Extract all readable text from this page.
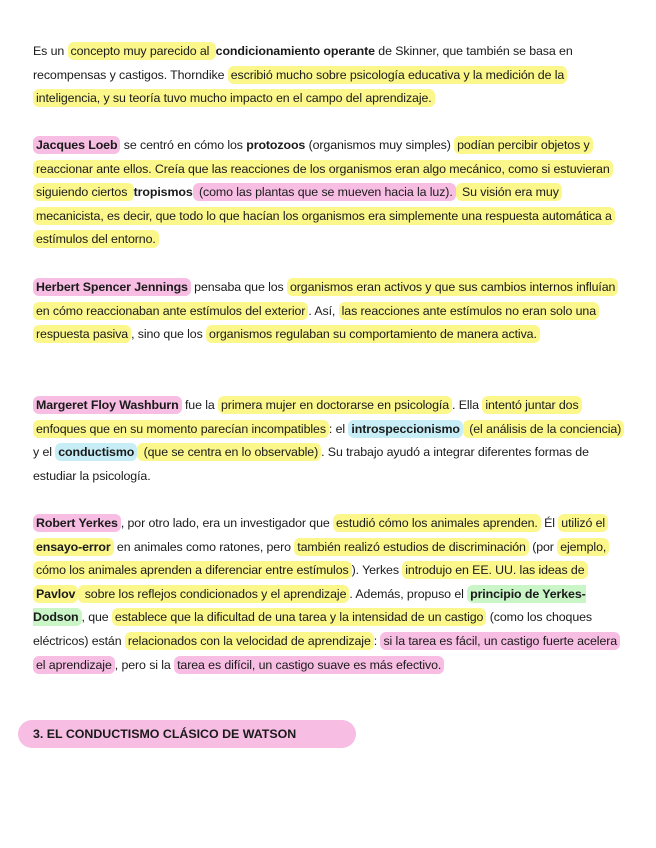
Es un concepto muy parecido al condicionamiento operante de Skinner, que también se basa en recompensas y castigos. Thorndike escribió mucho sobre psicología educativa y la medición de la inteligencia, y su teoría tuvo mucho impacto en el campo del aprendizaje.

Jacques Loeb se centró en cómo los protozoos (organismos muy simples) podían percibir objetos y reaccionar ante ellos. Creía que las reacciones de los organismos eran algo mecánico, como si estuvieran siguiendo ciertos tropismos (como las plantas que se mueven hacia la luz). Su visión era muy mecanicista, es decir, que todo lo que hacían los organismos era simplemente una respuesta automática a estímulos del entorno.

Herbert Spencer Jennings pensaba que los organismos eran activos y que sus cambios internos influían en cómo reaccionaban ante estímulos del exterior . Así, las reacciones ante estímulos no eran solo una respuesta pasiva , sino que los organismos regulaban su comportamiento de manera activa.

Margeret Floy Washburn fue la primera mujer en doctorarse en psicología . Ella intentó juntar dos enfoques que en su momento parecían incompatibles : el introspeccionismo (el análisis de la conciencia) y el conductismo (que se centra en lo observable) . Su trabajo ayudó a integrar diferentes formas de estudiar la psicología.

Robert Yerkes , por otro lado, era un investigador que estudió cómo los animales aprenden. Él utilizó el ensayo-error en animales como ratones, pero también realizó estudios de discriminación (por ejemplo, cómo los animales aprenden a diferenciar entre estímulos ). Yerkes introdujo en EE. UU. las ideas de Pavlov sobre los reflejos condicionados y el aprendizaje . Además, propuso el principio de Yerkes-Dodson , que establece que la dificultad de una tarea y la intensidad de un castigo (como los choques eléctricos) están relacionados con la velocidad de aprendizaje : si la tarea es fácil, un castigo fuerte acelera el aprendizaje , pero si la tarea es difícil, un castigo suave es más efectivo.

3. EL CONDUCTISMO CLÁSICO DE WATSON
